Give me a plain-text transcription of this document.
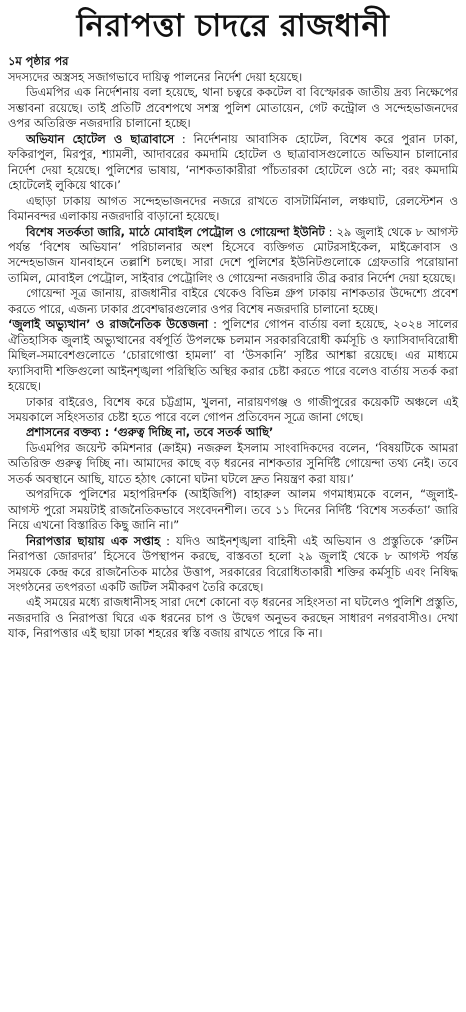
নিরাপত্তা চাদরে রাজধানী
১ম পৃষ্ঠার পর

সদস্যদের অস্ত্রসহ সজাগভাবে দায়িত্ব পালনের নির্দেশ দেয়া হয়েছে।

ডিএমপির এক নির্দেশনায় বলা হয়েছে, থানা চত্বরে ককটেল বা বিস্ফোরক জাতীয় দ্রব্য নিক্ষেপের সম্ভাবনা রয়েছে। তাই প্রতিটি প্রবেশপথে সশস্ত্র পুলিশ মোতায়েন, গেট কন্ট্রোল ও সন্দেহভাজনদের ওপর অতিরিক্ত নজরদারি চালানো হচ্ছে।

অভিযান হোটেল ও ছাত্রাবাসে : নির্দেশনায় আবাসিক হোটেল, বিশেষ করে পুরান ঢাকা, ফকিরাপুল, মিরপুর, শ্যামলী, আদাবরের কমদামি হোটেল ও ছাত্রাবাসগুলোতে অভিযান চালানোর নির্দেশ দেয়া হয়েছে। পুলিশের ভাষায়, ‘নাশকতাকারীরা পাঁচতারকা হোটেলে ওঠে না; বরং কমদামি হোটেলেই লুকিয়ে থাকে।’

এছাড়া ঢাকায় আগত সন্দেহভাজনদের নজরে রাখতে বাসটার্মিনাল, লঞ্চঘাট, রেলস্টেশন ও বিমানবন্দর এলাকায় নজরদারি বাড়ানো হয়েছে।

বিশেষ সতর্কতা জারি, মাঠে মোবাইল পেট্রোল ও গোয়েন্দা ইউনিট : ২৯ জুলাই থেকে ৮ আগস্ট পর্যন্ত ‘বিশেষ অভিযান’ পরিচালনার অংশ হিসেবে ব্যক্তিগত মোটরসাইকেল, মাইক্রোবাস ও সন্দেহভাজন যানবাহনে তল্লাশি চলছে। সারা দেশে পুলিশের ইউনিটগুলোকে গ্রেফতারি পরোয়ানা তামিল, মোবাইল পেট্রোল, সাইবার পেট্রোলিং ও গোয়েন্দা নজরদারি তীব্র করার নির্দেশ দেয়া হয়েছে।

গোয়েন্দা সূত্র জানায়, রাজধানীর বাইরে থেকেও বিভিন্ন গ্রুপ ঢাকায় নাশকতার উদ্দেশ্যে প্রবেশ করতে পারে, এজন্য ঢাকার প্রবেশদ্বারগুলোর ওপর বিশেষ নজরদারি চালানো হচ্ছে।

‘জুলাই অভ্যুত্থান’ ও রাজনৈতিক উত্তেজনা : পুলিশের গোপন বার্তায় বলা হয়েছে, ২০২৪ সালের ঐতিহাসিক জুলাই অভ্যুত্থানের বর্ষপূর্তি উপলক্ষে চলমান সরকারবিরোধী কর্মসূচি ও ফ্যাসিবাদবিরোধী মিছিল-সমাবেশগুলোতে ‘চোরাগোপ্তা হামলা’ বা ‘উসকানি’ সৃষ্টির আশঙ্কা রয়েছে। এর মাধ্যমে ফ্যাসিবাদী শক্তিগুলো আইনশৃঙ্খলা পরিস্থিতি অস্থির করার চেষ্টা করতে পারে বলেও বার্তায় সতর্ক করা হয়েছে।

ঢাকার বাইরেও, বিশেষ করে চট্টগ্রাম, খুলনা, নারায়ণগঞ্জ ও গাজীপুরের কয়েকটি অঞ্চলে এই সময়কালে সহিংসতার চেষ্টা হতে পারে বলে গোপন প্রতিবেদন সূত্রে জানা গেছে।

প্রশাসনের বক্তব্য : ‘গুরুত্ব দিচ্ছি না, তবে সতর্ক আছি’

ডিএমপির জয়েন্ট কমিশনার (ক্রাইম) নজরুল ইসলাম সাংবাদিকদের বলেন, ‘বিষয়টিকে আমরা অতিরিক্ত গুরুত্ব দিচ্ছি না। আমাদের কাছে বড় ধরনের নাশকতার সুনির্দিষ্ট গোয়েন্দা তথ্য নেই। তবে সতর্ক অবস্থানে আছি, যাতে হঠাৎ কোনো ঘটনা ঘটলে দ্রুত নিয়ন্ত্রণ করা যায়।’

অপরদিকে পুলিশের মহাপরিদর্শক (আইজিপি) বাহারুল আলম গণমাধ্যমকে বলেন, “জুলাই-আগস্ট পুরো সময়টাই রাজনৈতিকভাবে সংবেদনশীল। তবে ১১ দিনের নির্দিষ্ট ‘বিশেষ সতর্কতা’ জারি নিয়ে এখনো বিস্তারিত কিছু জানি না।”

নিরাপত্তার ছায়ায় এক সপ্তাহ : যদিও আইনশৃঙ্খলা বাহিনী এই অভিযান ও প্রস্তুতিকে ‘রুটিন নিরাপত্তা জোরদার’ হিসেবে উপস্থাপন করছে, বাস্তবতা হলো ২৯ জুলাই থেকে ৮ আগস্ট পর্যন্ত সময়কে কেন্দ্র করে রাজনৈতিক মাঠের উত্তাপ, সরকারের বিরোধিতাকারী শক্তির কর্মসূচি এবং নিষিদ্ধ সংগঠনের তৎপরতা একটি জটিল সমীকরণ তৈরি করেছে।

এই সময়ের মধ্যে রাজধানীসহ সারা দেশে কোনো বড় ধরনের সহিংসতা না ঘটলেও পুলিশি প্রস্তুতি, নজরদারি ও নিরাপত্তা ঘিরে এক ধরনের চাপ ও উদ্বেগ অনুভব করছেন সাধারণ নগরবাসীও। দেখা যাক, নিরাপত্তার এই ছায়া ঢাকা শহরের স্বস্তি বজায় রাখতে পারে কি না।
